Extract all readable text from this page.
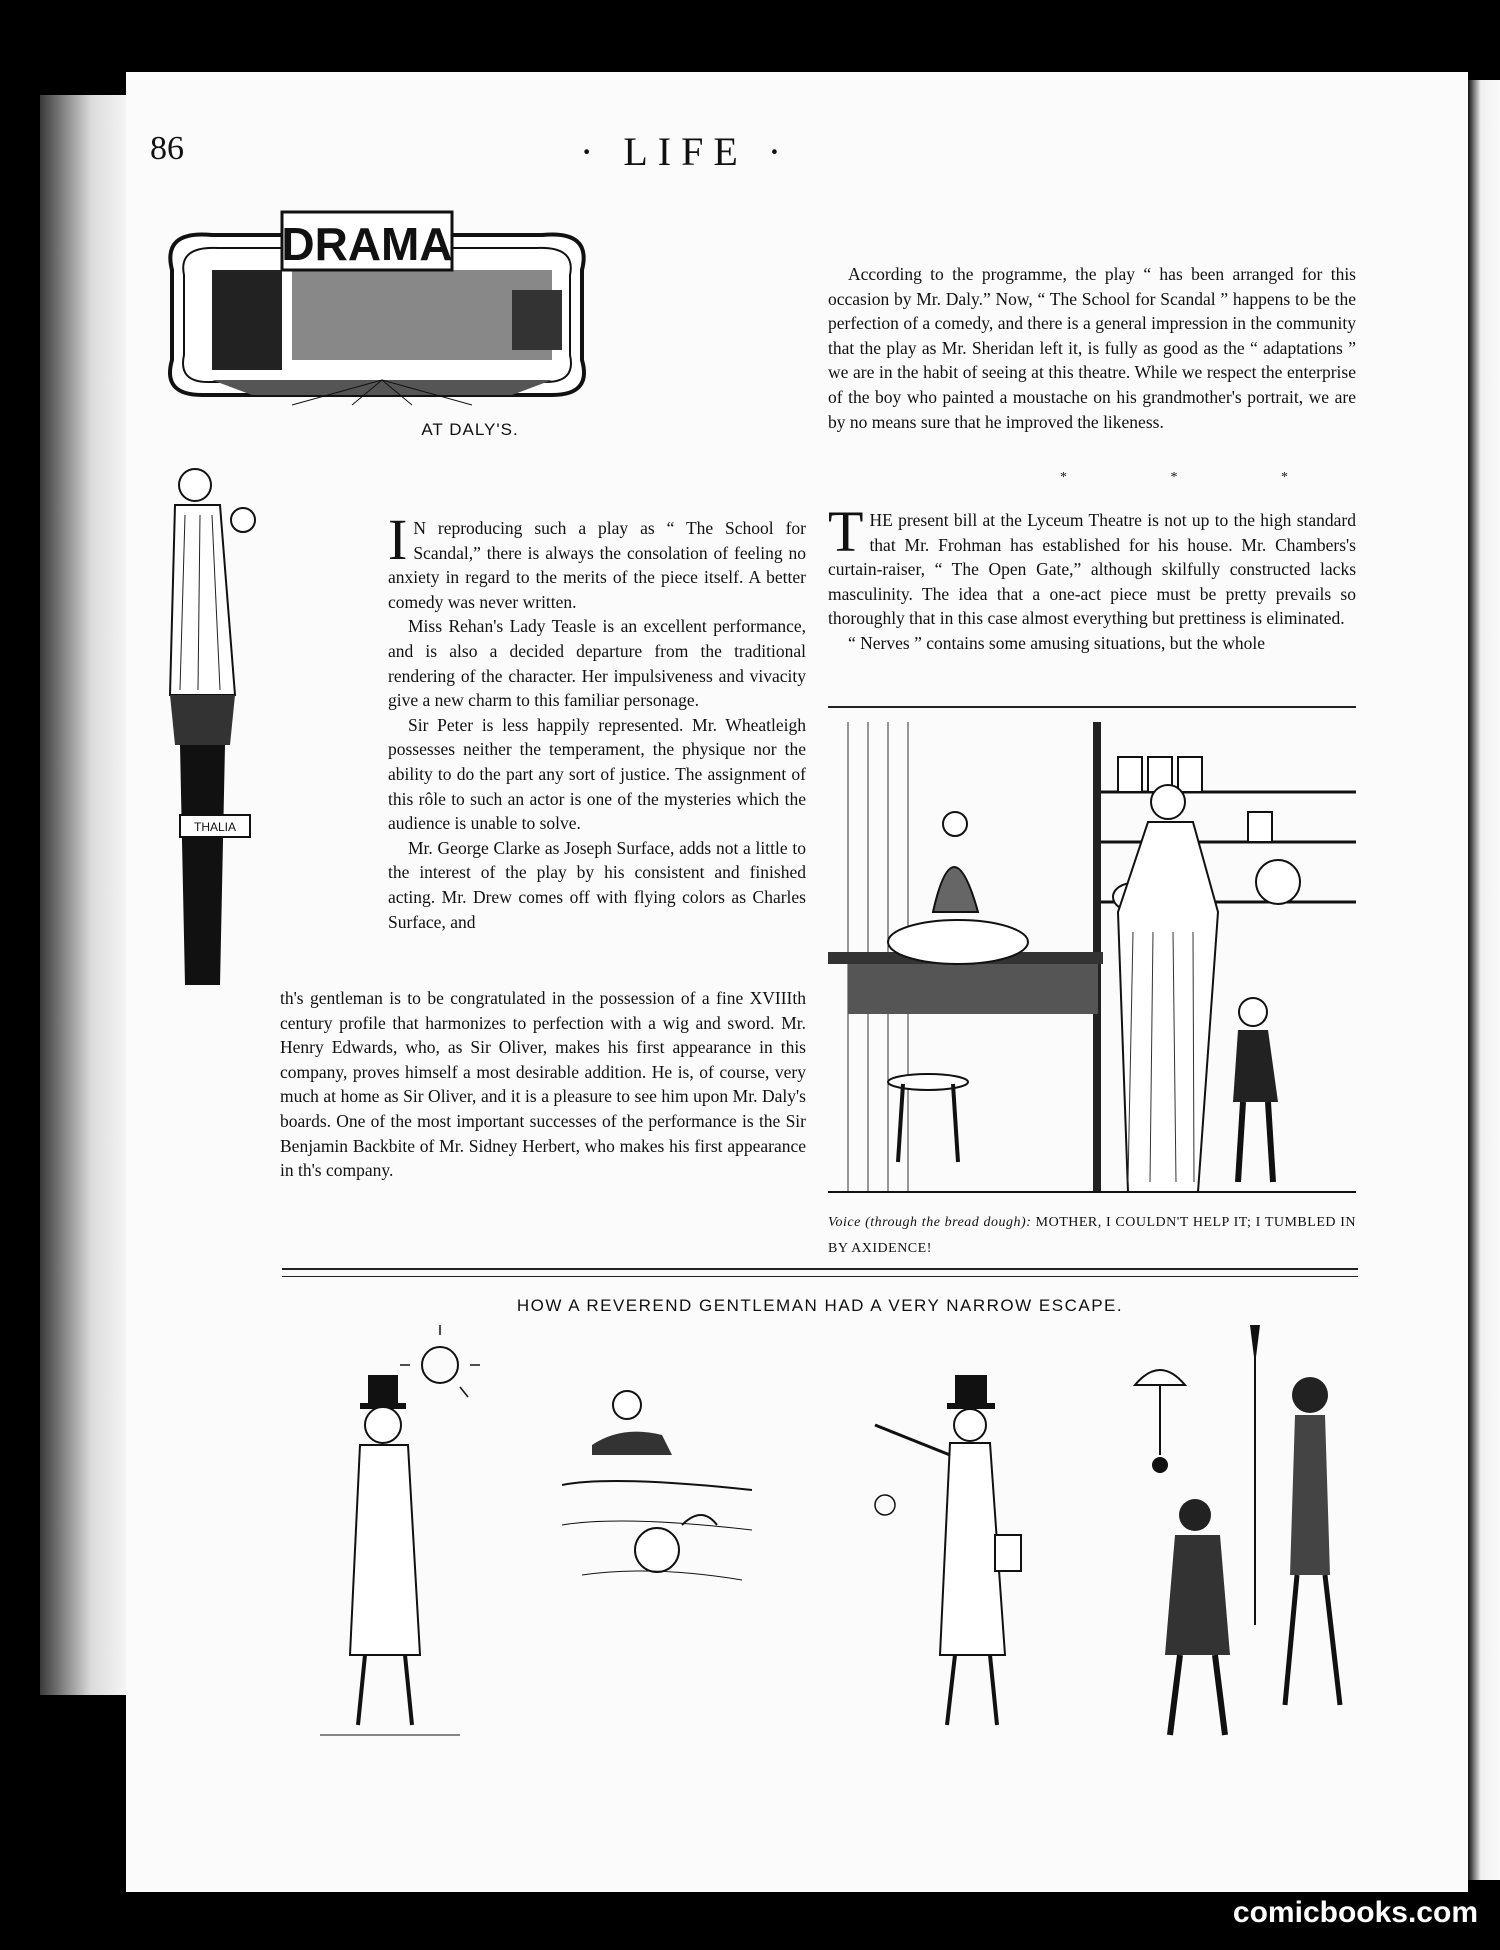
86	· LIFE ·
DRAMA
AT DALY'S.
THALIA

I N reproducing such a play as “ The School for Scandal,” there is always the consolation of feeling no anxiety in regard to the merits of the piece itself. A better comedy was never written.

Miss Rehan's Lady Teasle is an excellent performance, and is also a decided departure from the traditional rendering of the character. Her impulsiveness and vivacity give a new charm to this familiar personage.

Sir Peter is less happily represented. Mr. Wheatleigh possesses neither the temperament, the physique nor the ability to do the part any sort of justice. The assignment of this rôle to such an actor is one of the mysteries which the audience is unable to solve.

Mr. George Clarke as Joseph Surface, adds not a little to the interest of the play by his consistent and finished acting. Mr. Drew comes off with flying colors as Charles Surface, and

th's gentleman is to be congratulated in the possession of a fine XVIIIth century profile that harmonizes to perfection with a wig and sword. Mr. Henry Edwards, who, as Sir Oliver, makes his first appearance in this company, proves himself a most desirable addition. He is, of course, very much at home as Sir Oliver, and it is a pleasure to see him upon Mr. Daly's boards. One of the most important successes of the performance is the Sir Benjamin Backbite of Mr. Sidney Herbert, who makes his first appearance in th's company.

According to the programme, the play “ has been arranged for this occasion by Mr. Daly.” Now, “ The School for Scandal ” happens to be the perfection of a comedy, and there is a general impression in the community that the play as Mr. Sheridan left it, is fully as good as the “ adaptations ” we are in the habit of seeing at this theatre. While we respect the enterprise of the boy who painted a moustache on his grandmother's portrait, we are by no means sure that he improved the likeness.

* * *

THE present bill at the Lyceum Theatre is not up to the high standard that Mr. Frohman has established for his house. Mr. Chambers's curtain-raiser, “ The Open Gate,” although skilfully constructed lacks masculinity. The idea that a one-act piece must be pretty prevails so thoroughly that in this case almost everything but prettiness is eliminated.

“ Nerves ” contains some amusing situations, but the whole

Voice (through the bread dough): MOTHER, I COULDN'T HELP IT; I TUMBLED IN BY AXIDENCE!
HOW A REVEREND GENTLEMAN HAD A VERY NARROW ESCAPE.
comicbooks.com
